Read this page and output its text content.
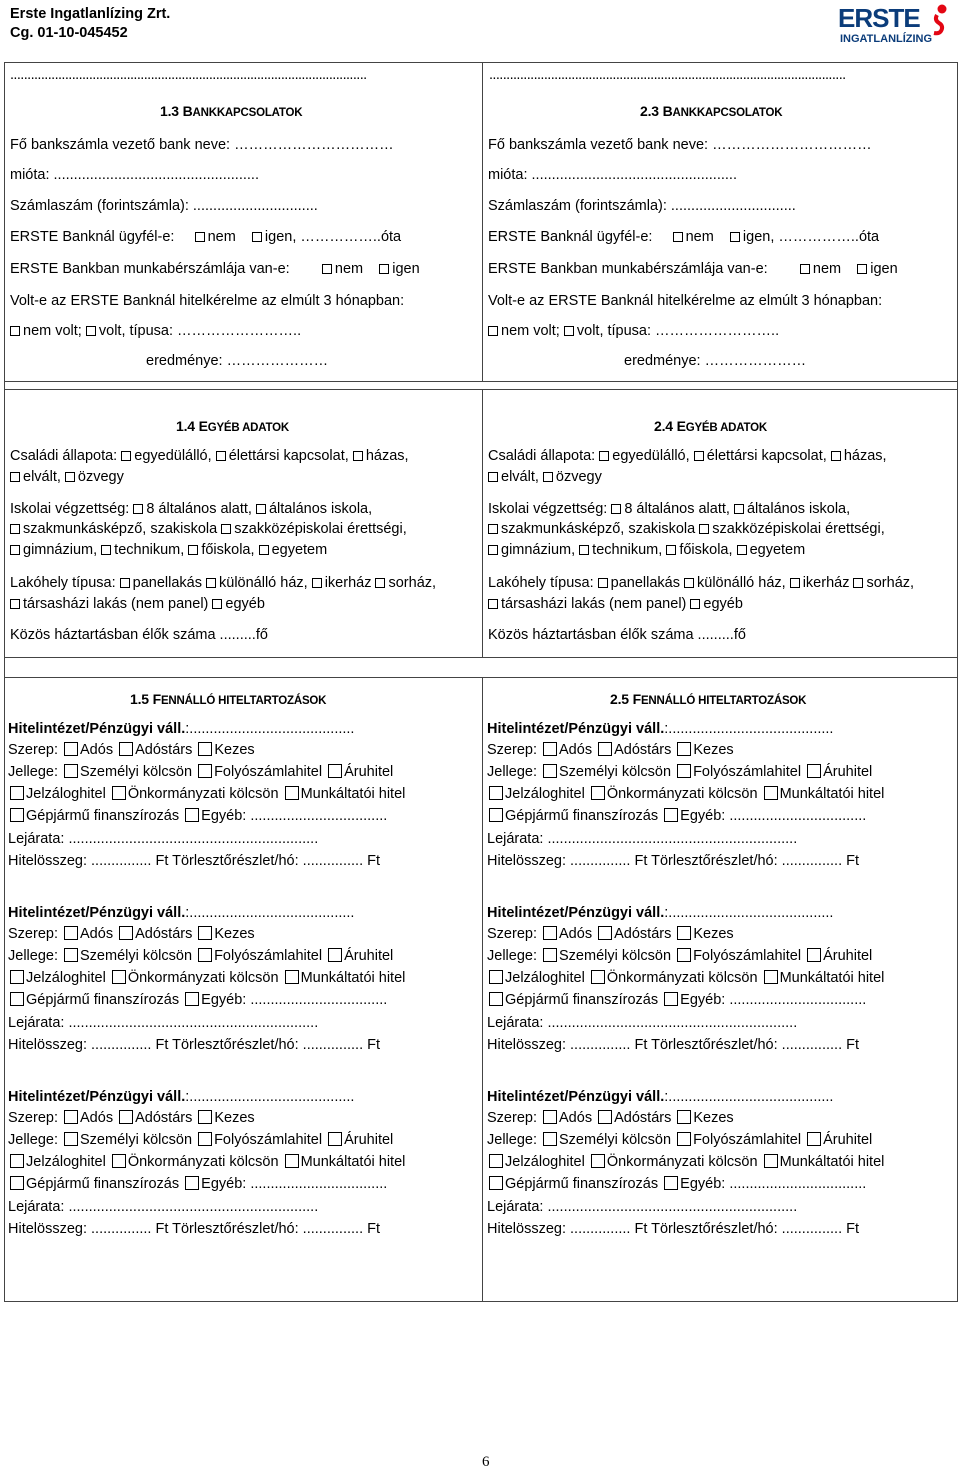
Erste Ingatlanlízing Zrt.
Cg. 01-10-045452	ERSTE
INGATLANLÍZING
........................................................................................................
1.3 BANKKAPCSOLATOK
Fő bankszámla vezető bank neve: ……………………………
mióta: ...................................................
Számlaszám (forintszámla): ...............................
ERSTE Banknál ügyfél-e: nem igen, ……………..óta
ERSTE Bankban munkabérszámlája van-e:	nem igen
Volt-e az ERSTE Banknál hitelkérelme az elmúlt 3 hónapban:
nem volt; volt, típusa: ……………………..
eredménye: …………………
1.4 EGYÉB ADATOK
Családi állapota: egyedülálló, élettársi kapcsolat, házas,
elvált, özvegy
Iskolai végzettség: 8 általános alatt, általános iskola,
szakmunkásképző, szakiskola szakközépiskolai érettségi,
gimnázium, technikum, főiskola, egyetem
Lakóhely típusa: panellakás különálló ház, ikerház sorház,
társasházi lakás (nem panel) egyéb
Közös háztartásban élők száma .........fő
1.5 FENNÁLLÓ HITELTARTOZÁSOK
........................................................................................................
2.3 BANKKAPCSOLATOK
Fő bankszámla vezető bank neve: ……………………………
mióta: ...................................................
Számlaszám (forintszámla): ...............................
ERSTE Banknál ügyfél-e: nem igen, ……………..óta
ERSTE Bankban munkabérszámlája van-e:	nem igen
Volt-e az ERSTE Banknál hitelkérelme az elmúlt 3 hónapban:
nem volt; volt, típusa: ……………………..
eredménye: …………………
2.4 EGYÉB ADATOK
Családi állapota: egyedülálló, élettársi kapcsolat, házas,
elvált, özvegy
Iskolai végzettség: 8 általános alatt, általános iskola,
szakmunkásképző, szakiskola szakközépiskolai érettségi,
gimnázium, technikum, főiskola, egyetem
Lakóhely típusa: panellakás különálló ház, ikerház sorház,
társasházi lakás (nem panel) egyéb
Közös háztartásban élők száma .........fő
2.5 FENNÁLLÓ HITELTARTOZÁSOK
Hitelintézet/Pénzügyi váll.:.........................................
Szerep: Adós Adóstárs Kezes
Jellege: Személyi kölcsön Folyószámlahitel Áruhitel
Jelzáloghitel Önkormányzati kölcsön Munkáltatói hitel
Gépjármű finanszírozás Egyéb: ..................................
Lejárata: ..............................................................
Hitelösszeg: ............... Ft Törlesztőrészlet/hó: ............... Ft
Hitelintézet/Pénzügyi váll.:.........................................
Szerep: Adós Adóstárs Kezes
Jellege: Személyi kölcsön Folyószámlahitel Áruhitel
Jelzáloghitel Önkormányzati kölcsön Munkáltatói hitel
Gépjármű finanszírozás Egyéb: ..................................
Lejárata: ..............................................................
Hitelösszeg: ............... Ft Törlesztőrészlet/hó: ............... Ft
Hitelintézet/Pénzügyi váll.:.........................................
Szerep: Adós Adóstárs Kezes
Jellege: Személyi kölcsön Folyószámlahitel Áruhitel
Jelzáloghitel Önkormányzati kölcsön Munkáltatói hitel
Gépjármű finanszírozás Egyéb: ..................................
Lejárata: ..............................................................
Hitelösszeg: ............... Ft Törlesztőrészlet/hó: ............... Ft
Hitelintézet/Pénzügyi váll.:.........................................
Szerep: Adós Adóstárs Kezes
Jellege: Személyi kölcsön Folyószámlahitel Áruhitel
Jelzáloghitel Önkormányzati kölcsön Munkáltatói hitel
Gépjármű finanszírozás Egyéb: ..................................
Lejárata: ..............................................................
Hitelösszeg: ............... Ft Törlesztőrészlet/hó: ............... Ft
Hitelintézet/Pénzügyi váll.:.........................................
Szerep: Adós Adóstárs Kezes
Jellege: Személyi kölcsön Folyószámlahitel Áruhitel
Jelzáloghitel Önkormányzati kölcsön Munkáltatói hitel
Gépjármű finanszírozás Egyéb: ..................................
Lejárata: ..............................................................
Hitelösszeg: ............... Ft Törlesztőrészlet/hó: ............... Ft
Hitelintézet/Pénzügyi váll.:.........................................
Szerep: Adós Adóstárs Kezes
Jellege: Személyi kölcsön Folyószámlahitel Áruhitel
Jelzáloghitel Önkormányzati kölcsön Munkáltatói hitel
Gépjármű finanszírozás Egyéb: ..................................
Lejárata: ..............................................................
Hitelösszeg: ............... Ft Törlesztőrészlet/hó: ............... Ft
6
